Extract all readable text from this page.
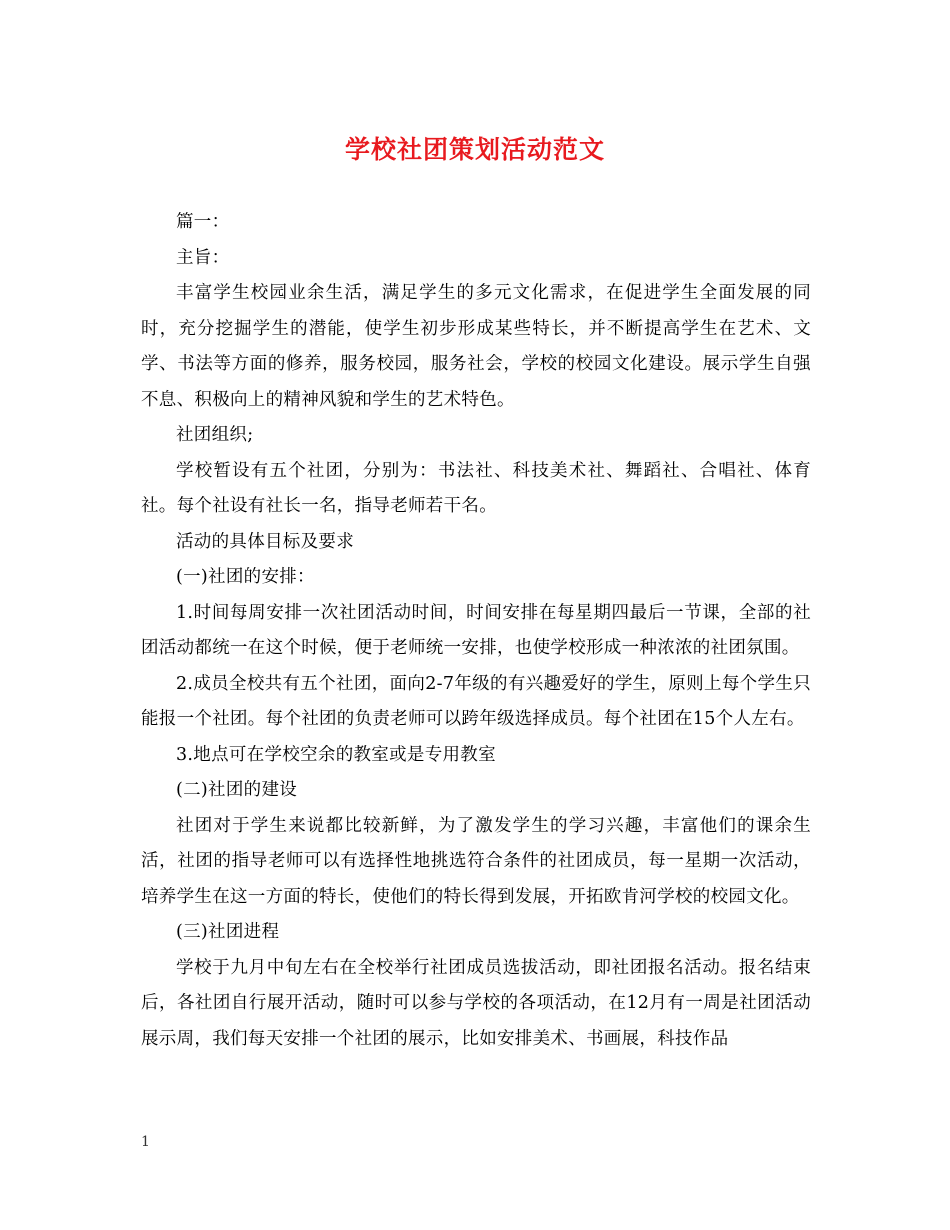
学校社团策划活动范文

篇一：

主旨：

丰富学生校园业余生活，满足学生的多元文化需求，在促进学生全面发展的同时，充分挖掘学生的潜能，使学生初步形成某些特长，并不断提高学生在艺术、文学、书法等方面的修养，服务校园，服务社会，学校的校园文化建设。展示学生自强不息、积极向上的精神风貌和学生的艺术特色。

社团组织;

学校暂设有五个社团，分别为：书法社、科技美术社、舞蹈社、合唱社、体育社。每个社设有社长一名，指导老师若干名。

活动的具体目标及要求

(一)社团的安排：

1.时间每周安排一次社团活动时间，时间安排在每星期四最后一节课，全部的社团活动都统一在这个时候，便于老师统一安排，也使学校形成一种浓浓的社团氛围。

2.成员全校共有五个社团，面向2-7年级的有兴趣爱好的学生，原则上每个学生只能报一个社团。每个社团的负责老师可以跨年级选择成员。每个社团在15个人左右。

3.地点可在学校空余的教室或是专用教室

(二)社团的建设

社团对于学生来说都比较新鲜，为了激发学生的学习兴趣，丰富他们的课余生活，社团的指导老师可以有选择性地挑选符合条件的社团成员，每一星期一次活动，培养学生在这一方面的特长，使他们的特长得到发展，开拓欧肯河学校的校园文化。

(三)社团进程

学校于九月中旬左右在全校举行社团成员选拔活动，即社团报名活动。报名结束后，各社团自行展开活动，随时可以参与学校的各项活动，在12月有一周是社团活动展示周，我们每天安排一个社团的展示，比如安排美术、书画展，科技作品

1
